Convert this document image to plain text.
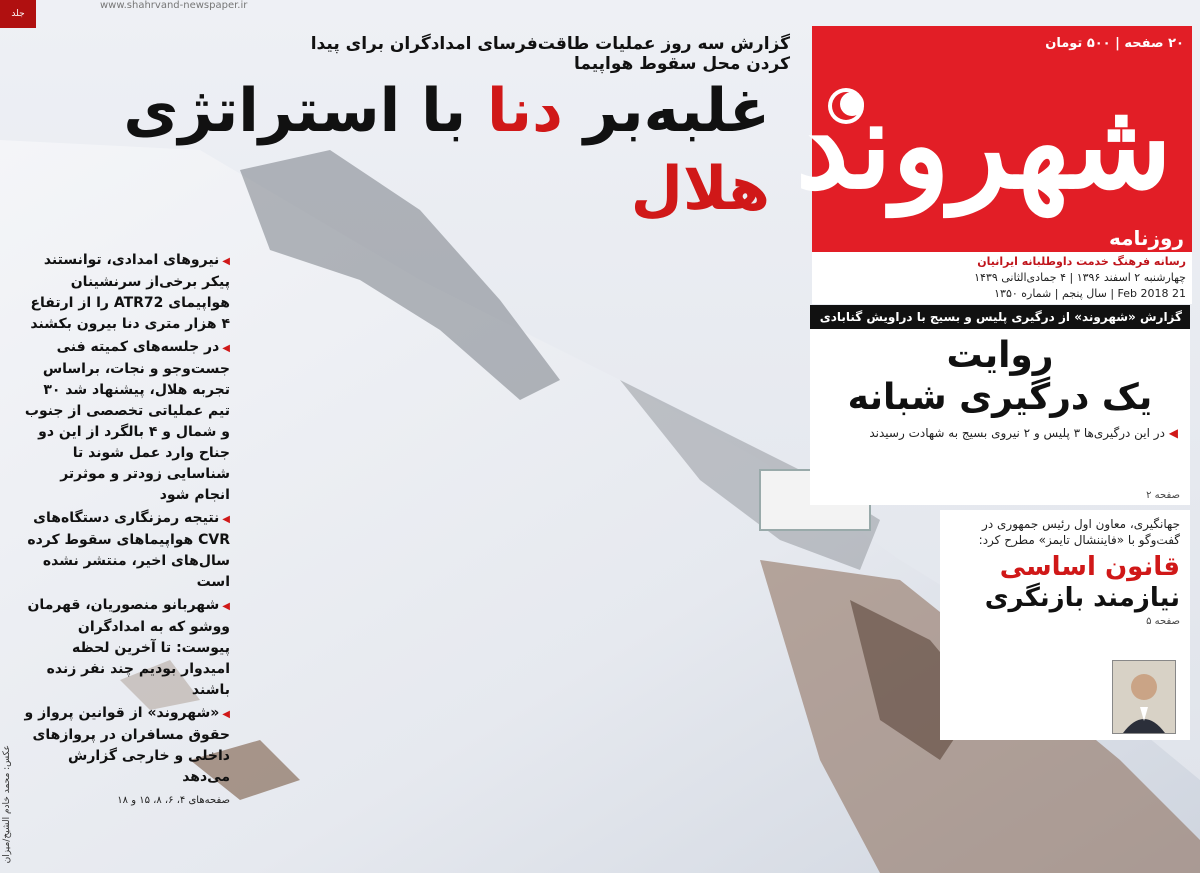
www.shahrvand-newspaper.ir
جلد
گزارش سه روز عملیات طاقت‌فرسای امدادگران برای پیدا کردن محل سقوط هواپیما
غلبه‌بر دنا با استراتژی هلال
۲۰ صفحه | ۵۰۰ تومان
شهروند
روزنامه
رسانه فرهنگ خدمت داوطلبانه ایرانیان
چهارشنبه ۲ اسفند ۱۳۹۶ | ۴ جمادی‌الثانی ۱۴۳۹
21 Feb 2018 | سال پنجم | شماره ۱۳۵۰
گزارش «شهروند» از درگیری پلیس و بسیج با دراویش گنابادی
روایت
یک درگیری شبانه
◀ در این درگیری‌ها ۳ پلیس و ۲ نیروی بسیج به شهادت رسیدند
صفحه ۲
جهانگیری، معاون اول رئیس جمهوری در گفت‌وگو با «فایننشال تایمز» مطرح کرد:
قانون اساسی
نیازمند بازنگری
صفحه ۵
◀نیروهای امدادی، توانستند پیکر برخی‌از سرنشینان هواپیمای ATR72 را از ارتفاع ۴ هزار متری دنا بیرون بکشند
◀در جلسه‌های کمیته فنی جست‌وجو و نجات، براساس تجربه هلال، پیشنهاد شد ۳۰ تیم عملیاتی تخصصی از جنوب و شمال و ۴ بالگرد از این دو جناح وارد عمل شوند تا شناسایی زودتر و موثرتر انجام شود
◀نتیجه رمزنگاری دستگاه‌های CVR هواپیماهای سقوط کرده سال‌های اخیر، منتشر نشده است
◀شهربانو منصوریان، قهرمان ووشو که به امدادگران پیوست: تا آخرین لحظه امیدوار بودیم چند نفر زنده باشند
◀«شهروند» از قوانین پرواز و حقوق مسافران در پروازهای داخلی و خارجی گزارش می‌دهد
صفحه‌های ۴، ۶، ۸، ۱۵ و ۱۸
عکس: محمد خادم الشیخ/میزان
